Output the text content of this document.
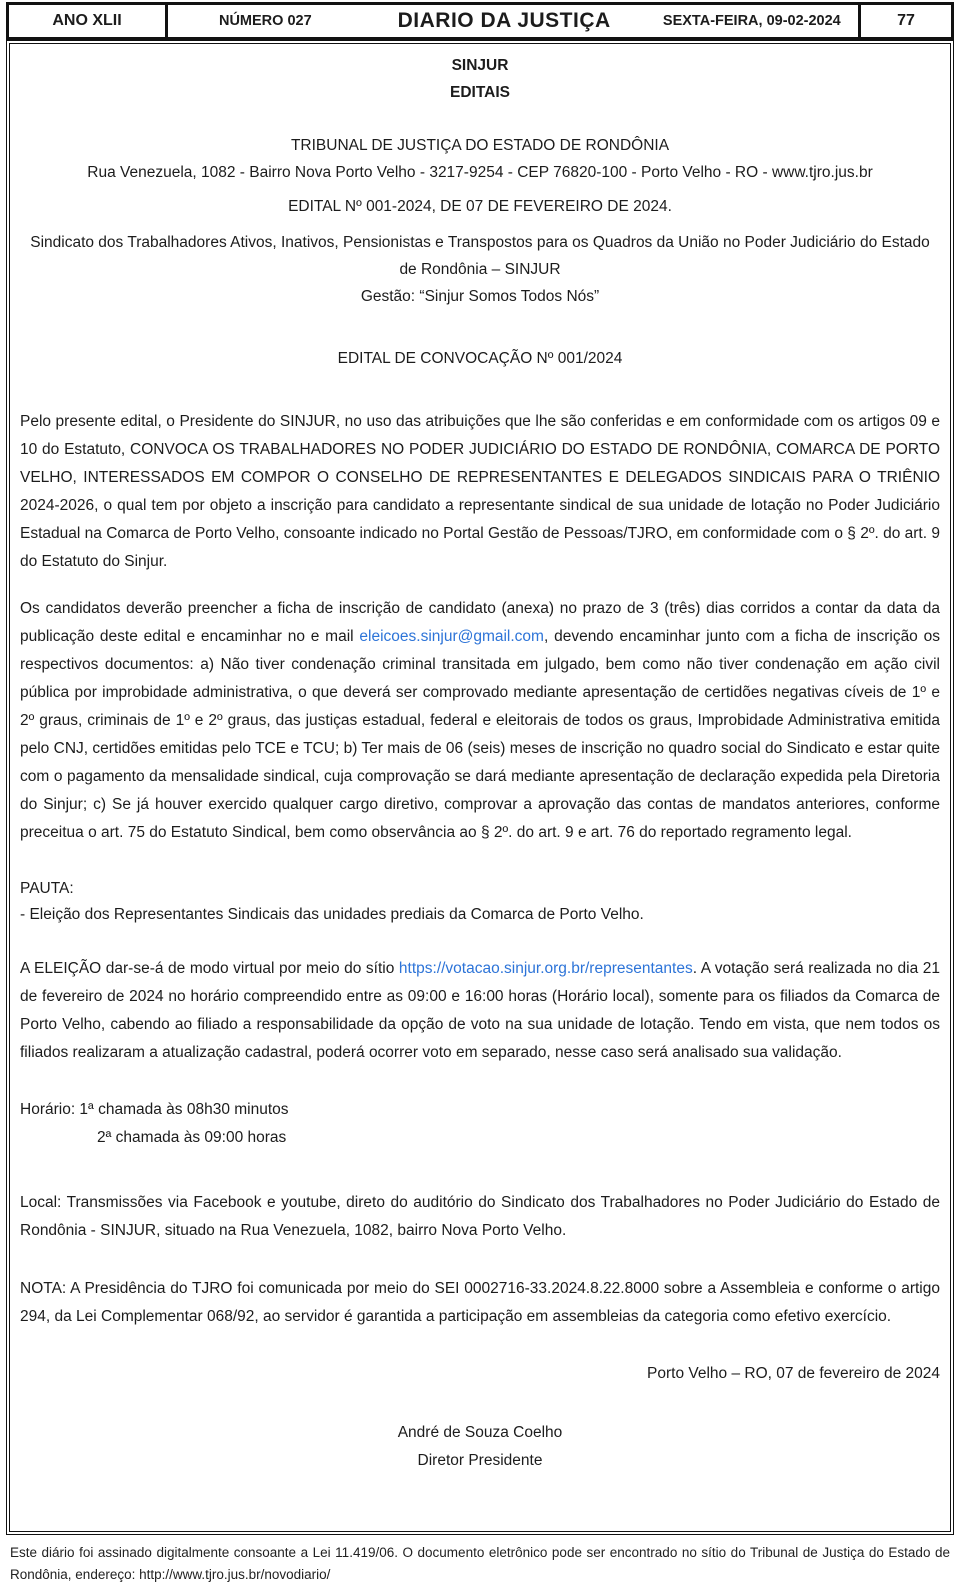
ANO XLII	NÚMERO 027	DIARIO DA JUSTIÇA	SEXTA-FEIRA, 09-02-2024	77

SINJUR

EDITAIS

TRIBUNAL DE JUSTIÇA DO ESTADO DE RONDÔNIA

Rua Venezuela, 1082 - Bairro Nova Porto Velho - 3217-9254 - CEP 76820-100 - Porto Velho - RO - www.tjro.jus.br

EDITAL Nº 001-2024, DE 07 DE FEVEREIRO DE 2024.

Sindicato dos Trabalhadores Ativos, Inativos, Pensionistas e Transpostos para os Quadros da União no Poder Judiciário do Estado de Rondônia – SINJUR

Gestão: “Sinjur Somos Todos Nós”

EDITAL DE CONVOCAÇÃO Nº 001/2024

Pelo presente edital, o Presidente do SINJUR, no uso das atribuições que lhe são conferidas e em conformidade com os artigos 09 e 10 do Estatuto, CONVOCA OS TRABALHADORES NO PODER JUDICIÁRIO DO ESTADO DE RONDÔNIA, COMARCA DE PORTO VELHO, INTERESSADOS EM COMPOR O CONSELHO DE REPRESENTANTES E DELEGADOS SINDICAIS PARA O TRIÊNIO 2024-2026, o qual tem por objeto a inscrição para candidato a representante sindical de sua unidade de lotação no Poder Judiciário Estadual na Comarca de Porto Velho, consoante indicado no Portal Gestão de Pessoas/TJRO, em conformidade com o § 2º. do art. 9 do Estatuto do Sinjur.

Os candidatos deverão preencher a ficha de inscrição de candidato (anexa) no prazo de 3 (três) dias corridos a contar da data da publicação deste edital e encaminhar no e mail eleicoes.sinjur@gmail.com, devendo encaminhar junto com a ficha de inscrição os respectivos documentos: a) Não tiver condenação criminal transitada em julgado, bem como não tiver condenação em ação civil pública por improbidade administrativa, o que deverá ser comprovado mediante apresentação de certidões negativas cíveis de 1º e 2º graus, criminais de 1º e 2º graus, das justiças estadual, federal e eleitorais de todos os graus, Improbidade Administrativa emitida pelo CNJ, certidões emitidas pelo TCE e TCU; b) Ter mais de 06 (seis) meses de inscrição no quadro social do Sindicato e estar quite com o pagamento da mensalidade sindical, cuja comprovação se dará mediante apresentação de declaração expedida pela Diretoria do Sinjur; c) Se já houver exercido qualquer cargo diretivo, comprovar a aprovação das contas de mandatos anteriores, conforme preceitua o art. 75 do Estatuto Sindical, bem como observância ao § 2º. do art. 9 e art. 76 do reportado regramento legal.

PAUTA:

- Eleição dos Representantes Sindicais das unidades prediais da Comarca de Porto Velho.

A ELEIÇÃO dar-se-á de modo virtual por meio do sítio https://votacao.sinjur.org.br/representantes. A votação será realizada no dia 21 de fevereiro de 2024 no horário compreendido entre as 09:00 e 16:00 horas (Horário local), somente para os filiados da Comarca de Porto Velho, cabendo ao filiado a responsabilidade da opção de voto na sua unidade de lotação. Tendo em vista, que nem todos os filiados realizaram a atualização cadastral, poderá ocorrer voto em separado, nesse caso será analisado sua validação.

Horário: 1ª chamada às 08h30 minutos

2ª chamada às 09:00 horas

Local: Transmissões via Facebook e youtube, direto do auditório do Sindicato dos Trabalhadores no Poder Judiciário do Estado de Rondônia - SINJUR, situado na Rua Venezuela, 1082, bairro Nova Porto Velho.

NOTA: A Presidência do TJRO foi comunicada por meio do SEI 0002716-33.2024.8.22.8000 sobre a Assembleia e conforme o artigo 294, da Lei Complementar 068/92, ao servidor é garantida a participação em assembleias da categoria como efetivo exercício.

Porto Velho – RO, 07 de fevereiro de 2024

André de Souza Coelho

Diretor Presidente

Este diário foi assinado digitalmente consoante a Lei 11.419/06. O documento eletrônico pode ser encontrado no sítio do Tribunal de Justiça do Estado de Rondônia, endereço: http://www.tjro.jus.br/novodiario/
